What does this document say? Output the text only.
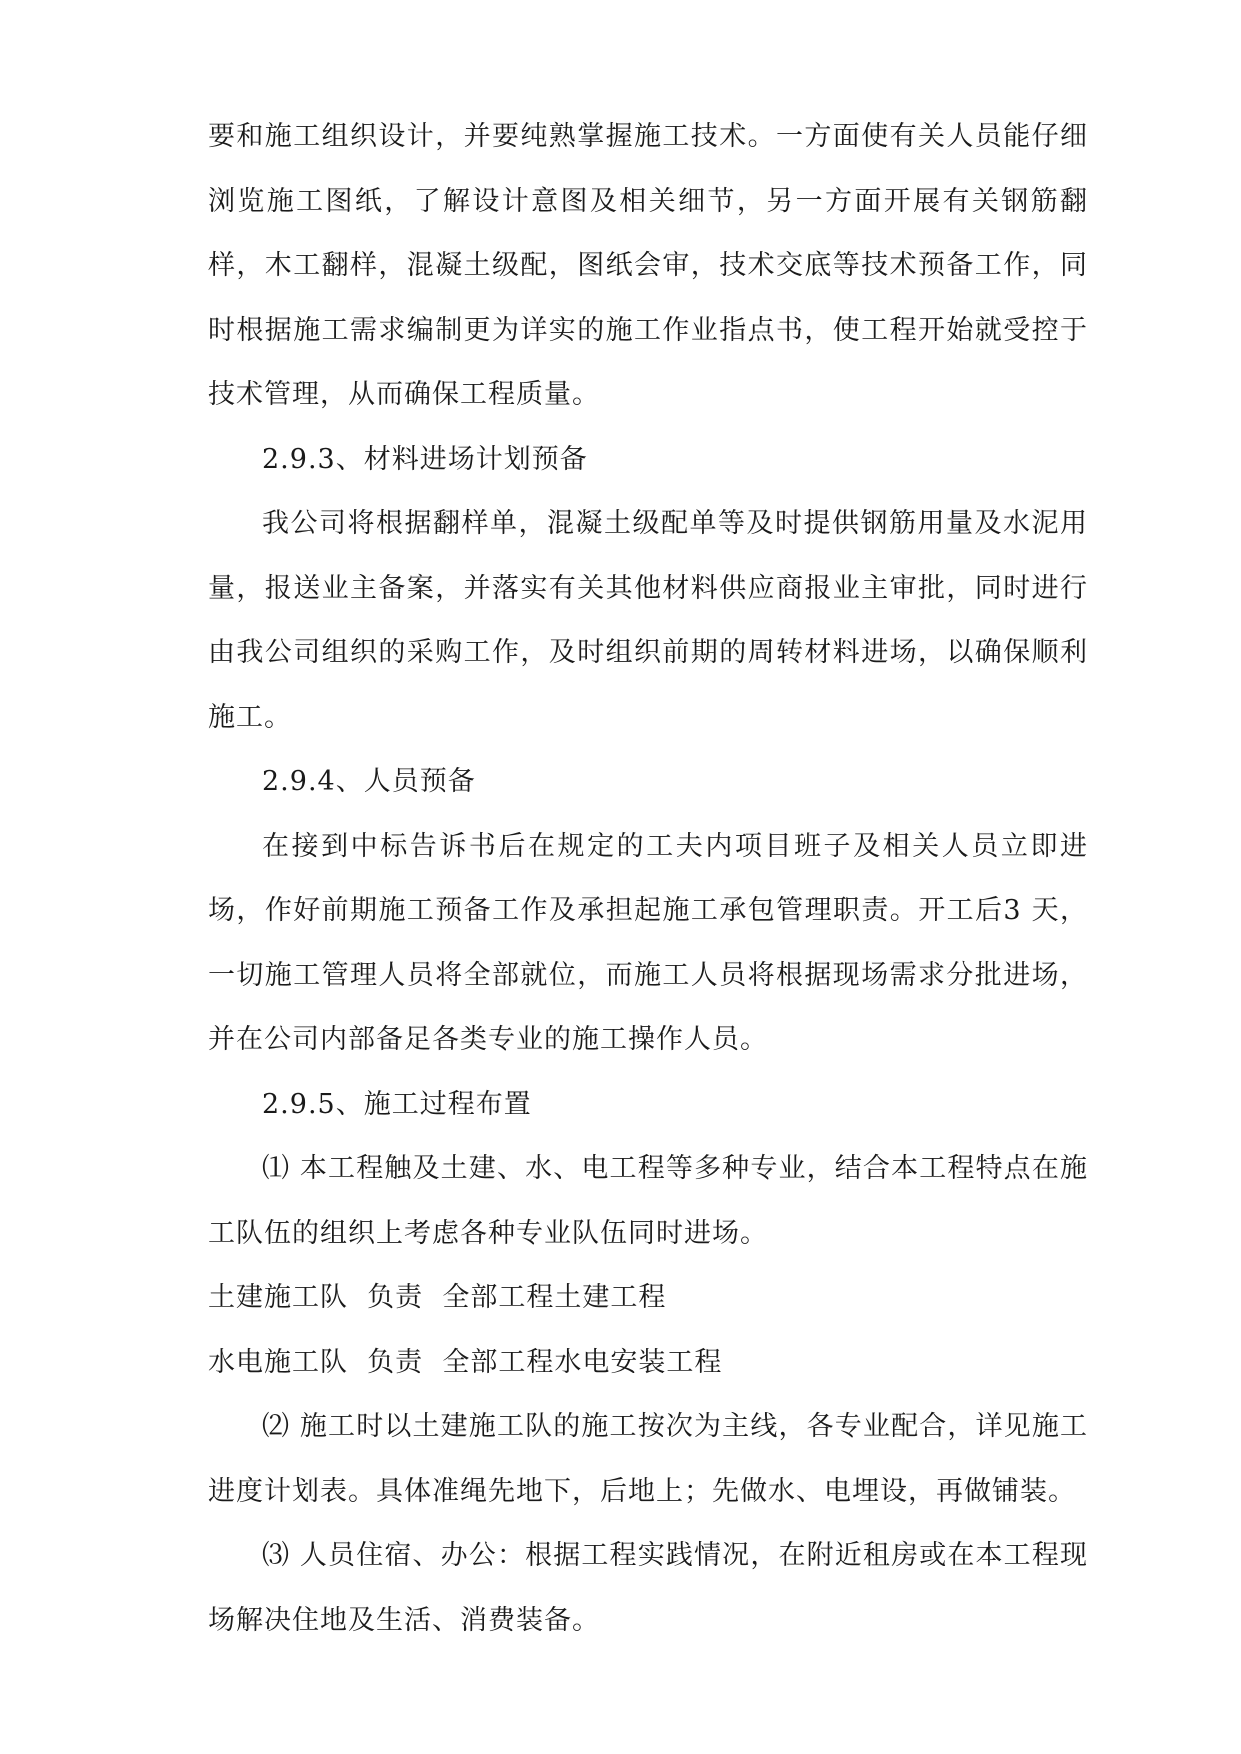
要和施工组织设计，并要纯熟掌握施工技术。一方面使有关人员能仔细浏览施工图纸，了解设计意图及相关细节，另一方面开展有关钢筋翻样，木工翻样，混凝土级配，图纸会审，技术交底等技术预备工作，同时根据施工需求编制更为详实的施工作业指点书，使工程开始就受控于技术管理，从而确保工程质量。

2.9.3、材料进场计划预备

我公司将根据翻样单，混凝土级配单等及时提供钢筋用量及水泥用量，报送业主备案，并落实有关其他材料供应商报业主审批，同时进行由我公司组织的采购工作，及时组织前期的周转材料进场，以确保顺利施工。

2.9.4、人员预备

在接到中标告诉书后在规定的工夫内项目班子及相关人员立即进场，作好前期施工预备工作及承担起施工承包管理职责。开工后3 天，一切施工管理人员将全部就位，而施工人员将根据现场需求分批进场，并在公司内部备足各类专业的施工操作人员。

2.9.5、施工过程布置

⑴ 本工程触及土建、水、电工程等多种专业，结合本工程特点在施工队伍的组织上考虑各种专业队伍同时进场。

土建施工队  负责  全部工程土建工程

水电施工队  负责  全部工程水电安装工程

⑵ 施工时以土建施工队的施工按次为主线，各专业配合，详见施工进度计划表。具体准绳先地下，后地上；先做水、电埋设，再做铺装。

⑶ 人员住宿、办公：根据工程实践情况，在附近租房或在本工程现场解决住地及生活、消费装备。
